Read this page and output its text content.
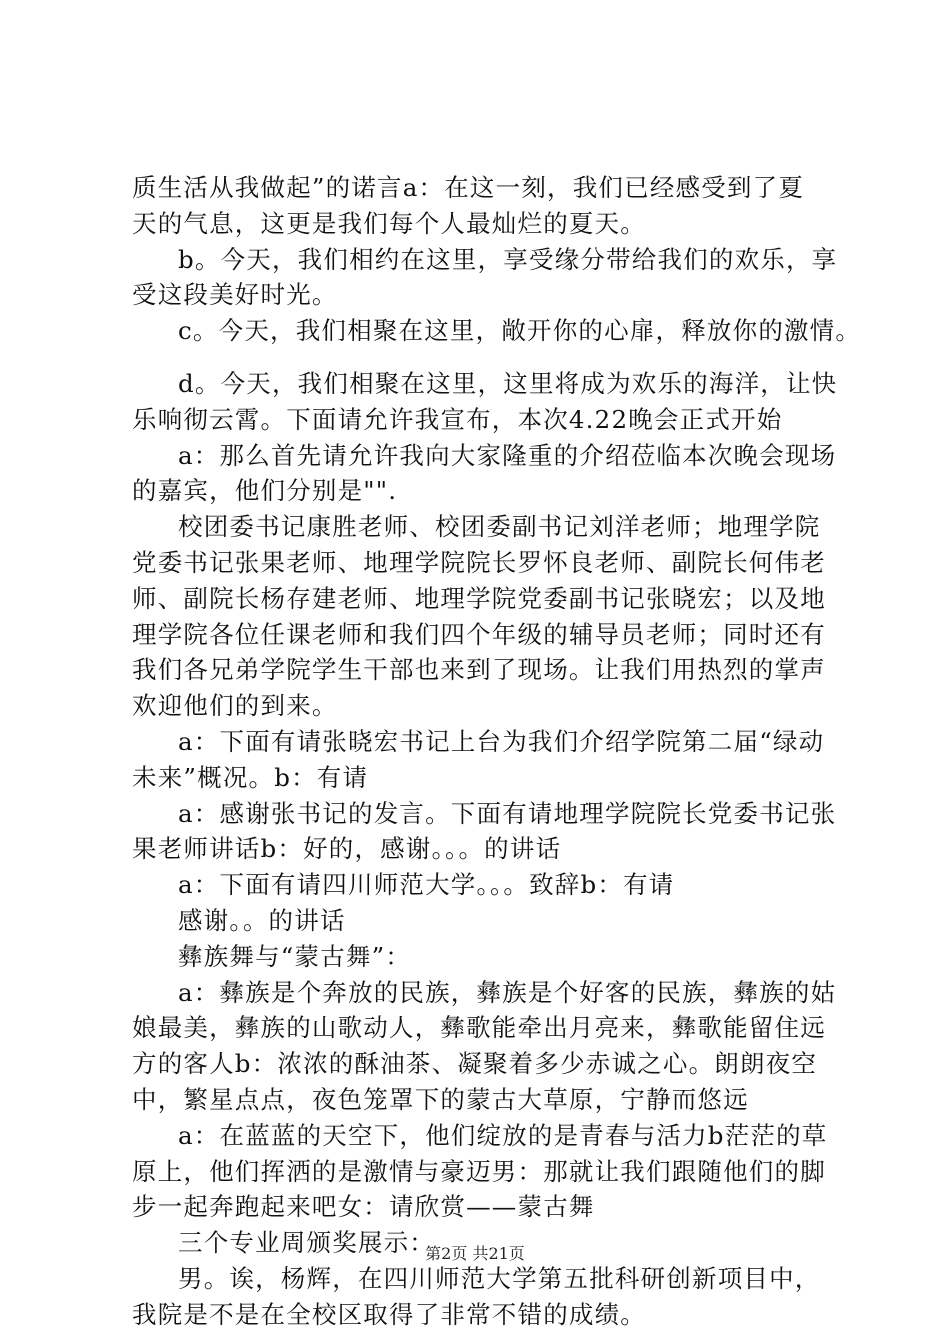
质生活从我做起”的诺言a：在这一刻，我们已经感受到了夏
天的气息，这更是我们每个人最灿烂的夏天。
b。今天，我们相约在这里，享受缘分带给我们的欢乐，享
受这段美好时光。
c。今天，我们相聚在这里，敞开你的心扉，释放你的激情。
d。今天，我们相聚在这里，这里将成为欢乐的海洋，让快
乐响彻云霄。下面请允许我宣布，本次4.22晚会正式开始
a：那么首先请允许我向大家隆重的介绍莅临本次晚会现场
的嘉宾，他们分别是"".
校团委书记康胜老师、校团委副书记刘洋老师；地理学院
党委书记张果老师、地理学院院长罗怀良老师、副院长何伟老
师、副院长杨存建老师、地理学院党委副书记张晓宏；以及地
理学院各位任课老师和我们四个年级的辅导员老师；同时还有
我们各兄弟学院学生干部也来到了现场。让我们用热烈的掌声
欢迎他们的到来。
a：下面有请张晓宏书记上台为我们介绍学院第二届“绿动
未来”概况。b：有请
a：感谢张书记的发言。下面有请地理学院院长党委书记张
果老师讲话b：好的，感谢。。。的讲话
a：下面有请四川师范大学。。。致辞b：有请
感谢。。的讲话
彝族舞与“蒙古舞”：
a：彝族是个奔放的民族，彝族是个好客的民族，彝族的姑
娘最美，彝族的山歌动人，彝歌能牵出月亮来，彝歌能留住远
方的客人b：浓浓的酥油茶、凝聚着多少赤诚之心。朗朗夜空
中，繁星点点，夜色笼罩下的蒙古大草原，宁静而悠远
a：在蓝蓝的天空下，他们绽放的是青春与活力b茫茫的草
原上，他们挥洒的是激情与豪迈男：那就让我们跟随他们的脚
步一起奔跑起来吧女：请欣赏——蒙古舞
三个专业周颁奖展示：
男。诶，杨辉，在四川师范大学第五批科研创新项目中，
我院是不是在全校区取得了非常不错的成绩。
第2页 共21页
